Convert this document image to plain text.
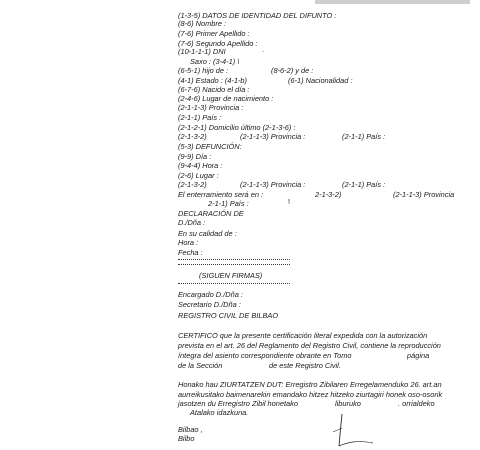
(1-3-5) DATOS DE IDENTIDAD DEL DIFUNTO :
(8-6) Nombre :
(7-6) Primer Apellido :
(7-6) Segundo Apellido :
(10-1-1-1) DNI	.
Saxo : (3-4-1) \
(6-5-1) hijo de :	(8-6-2) y de :
(4-1) Estado : (4-1-b)	(6-1) Nacionalidad :
(6-7-6) Nacido el día :
(2-4-6) Lugar de nacimiento :
(2-1-1-3) Provincia :
(2-1-1) País :
(2-1-2-1) Domicilio último (2-1-3-6) :
(2-1-3-2)	(2-1-1-3) Provincia :	(2-1-1) País :
(5-3) DEFUNCIÓN:
(9-9) Día :
(9-4-4) Hora :
(2-6) Lugar :
(2-1-3-2)	(2-1-1-3) Provincia :	(2-1-1) País :
El enterramiento será en :	2-1-3-2)	(2-1-1-3) Provincia
2-1-1) País :	!
DECLARACIÓN DE
D./Dña :
En su calidad de :
Hora :
Fecha :
(SIGUEN FIRMAS)
Encargado D./Dña :
Secretario D./Dña :
REGISTRO CIVIL DE BILBAO
CERTIFICO que la presente certificación literal expedida con la autorización
prevista en el art. 26 del Reglamento del Registro Civil, contiene la reproducción
íntegra del asiento correspondiente obrante en Tomo	página
de la Sección	de este Registro Civil.
Honako hau ZIURTATZEN DUT: Erregistro Zibilaren Erregelamenduko 26. art.an
aurreikusitako baimenarekin emandako hitzez hitzeko ziurtagiri honek oso-osorik
jasotzen du Erregistro Zibil honetako	liburuko	. orrialdeko
Atalako idazkuna.
Bilbao ,
Bilbo
